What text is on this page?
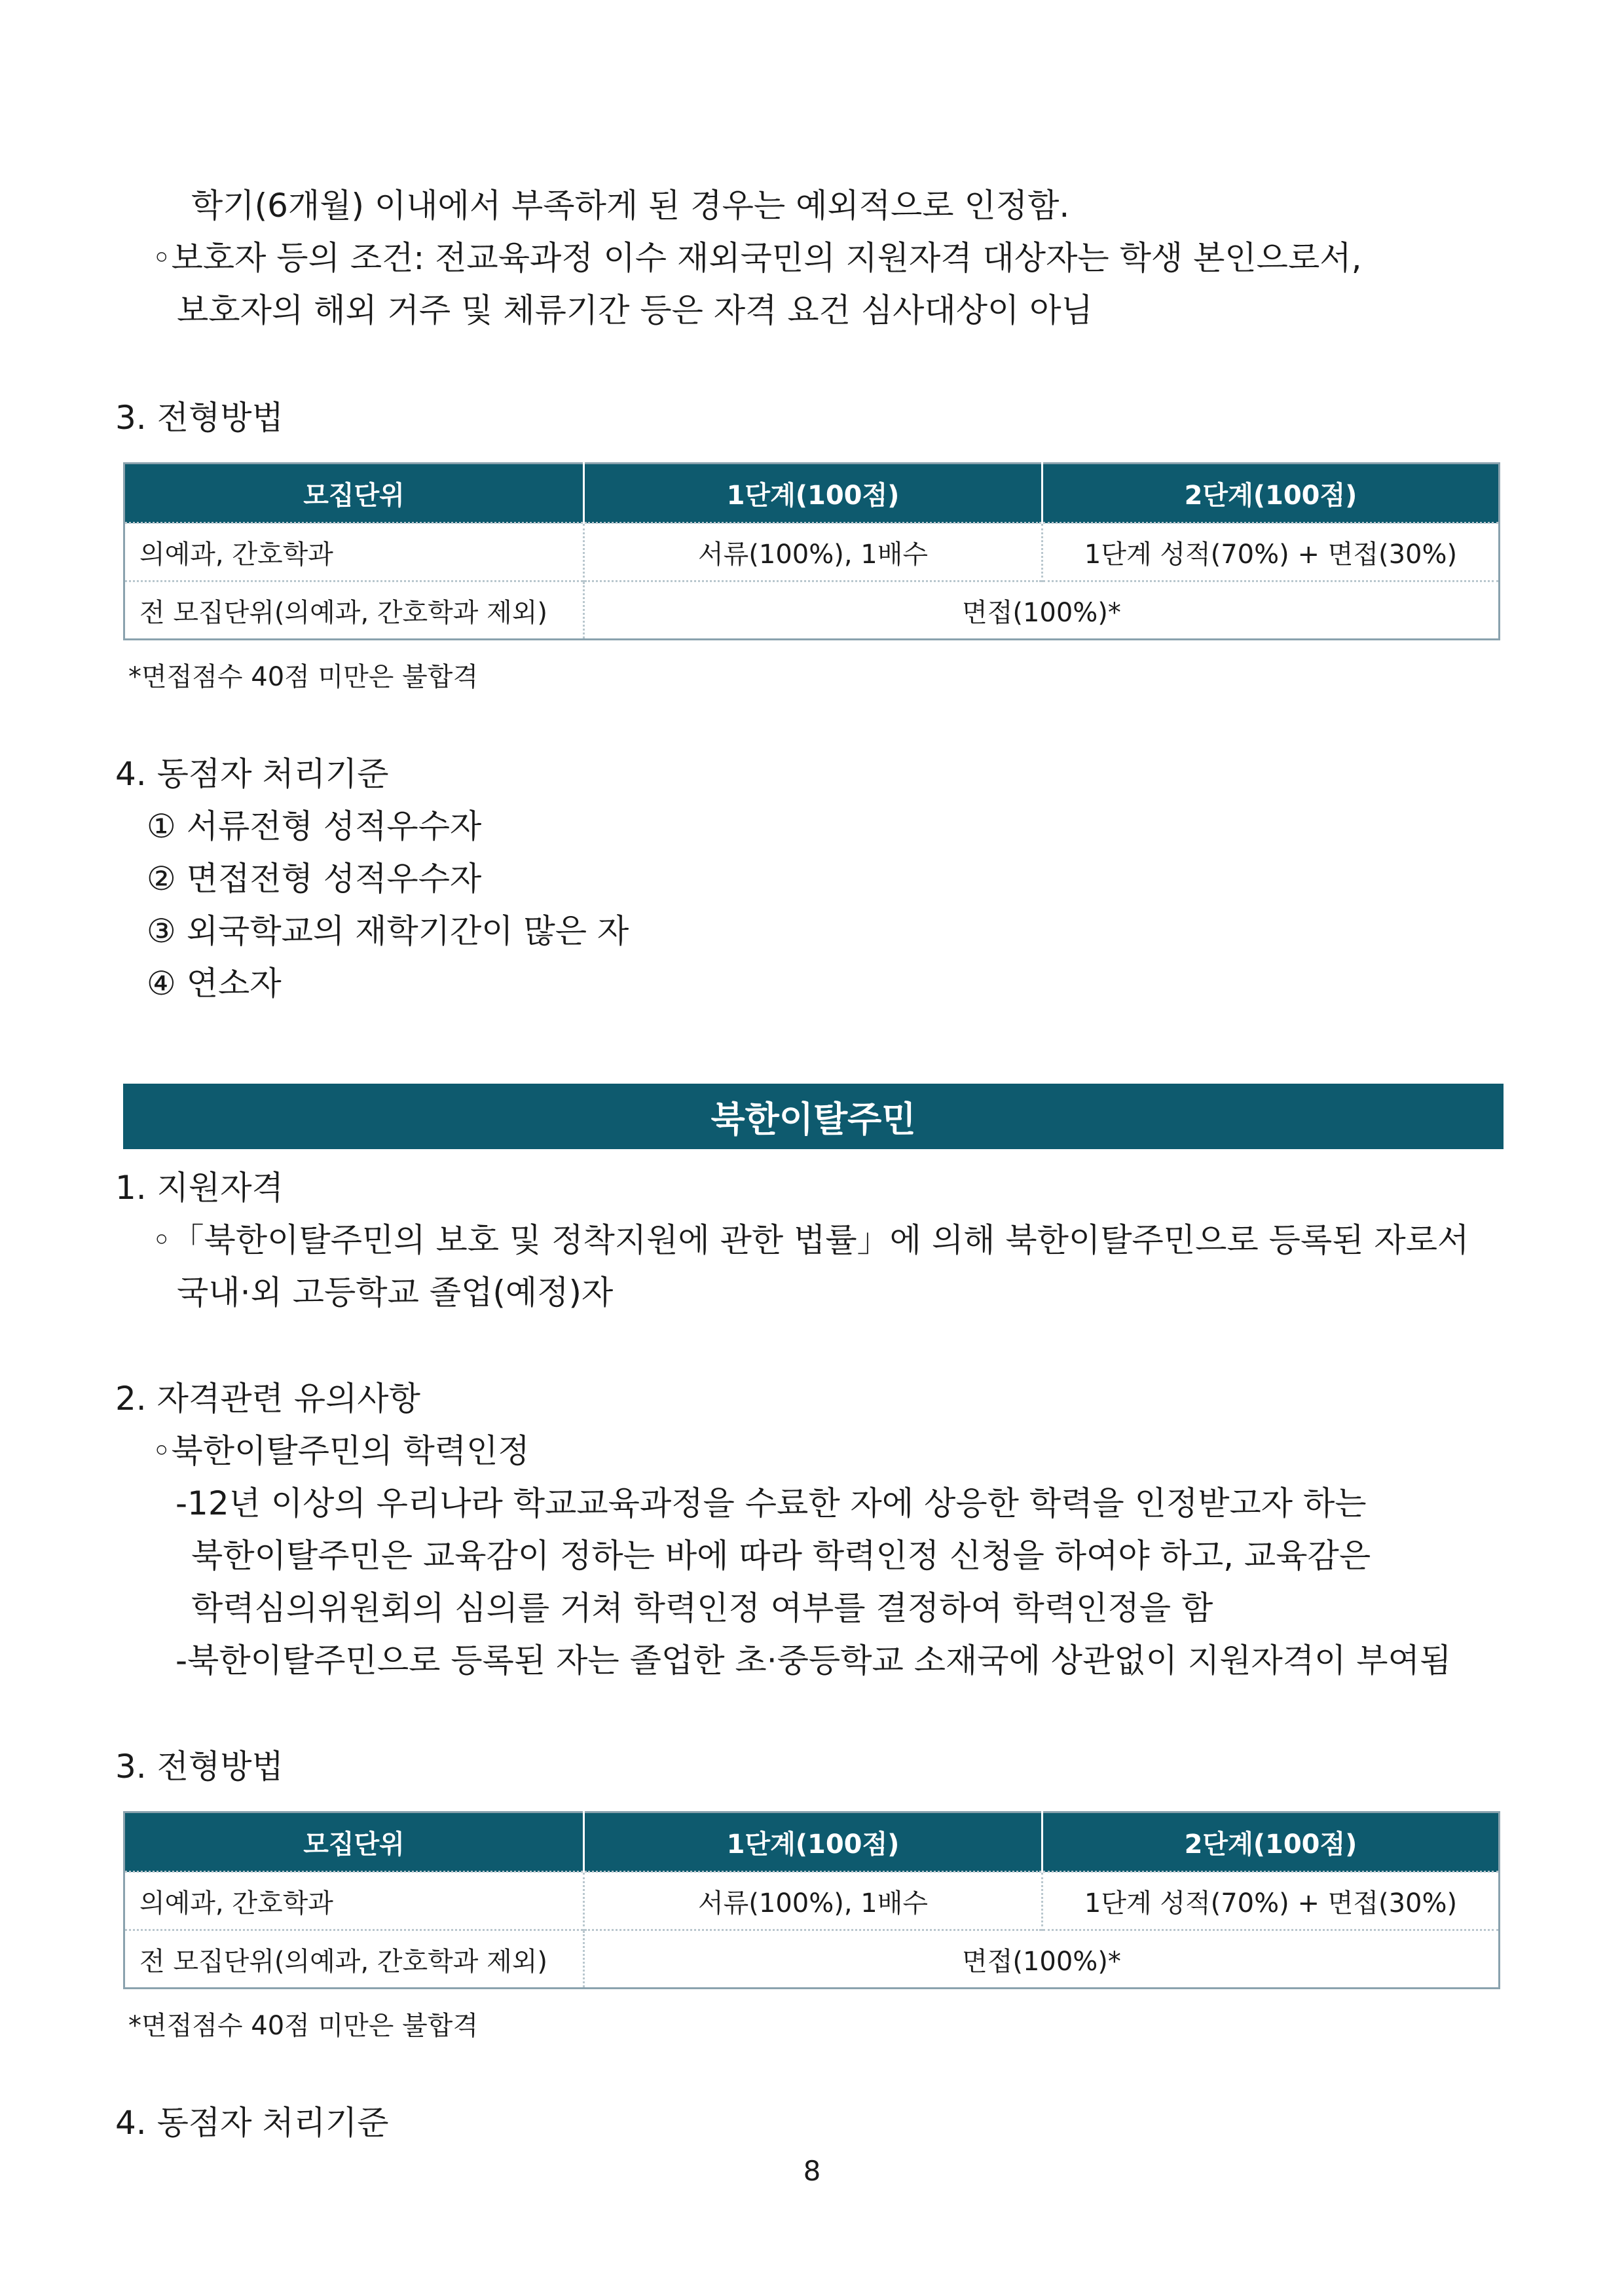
학기(6개월) 이내에서 부족하게 된 경우는 예외적으로 인정함.
◦보호자 등의 조건: 전교육과정 이수 재외국민의 지원자격 대상자는 학생 본인으로서,
보호자의 해외 거주 및 체류기간 등은 자격 요건 심사대상이 아님
3. 전형방법
모집단위	1단계(100점)	2단계(100점)
의예과, 간호학과	서류(100%), 1배수	1단계 성적(70%) + 면접(30%)
전 모집단위(의예과, 간호학과 제외)	면접(100%)*	
*면접점수 40점 미만은 불합격
4. 동점자 처리기준
① 서류전형 성적우수자
② 면접전형 성적우수자
③ 외국학교의 재학기간이 많은 자
④ 연소자
북한이탈주민
1. 지원자격
◦「북한이탈주민의 보호 및 정착지원에 관한 법률」에 의해 북한이탈주민으로 등록된 자로서
국내·외 고등학교 졸업(예정)자
2. 자격관련 유의사항
◦북한이탈주민의 학력인정
-12년 이상의 우리나라 학교교육과정을 수료한 자에 상응한 학력을 인정받고자 하는
북한이탈주민은 교육감이 정하는 바에 따라 학력인정 신청을 하여야 하고, 교육감은
학력심의위원회의 심의를 거쳐 학력인정 여부를 결정하여 학력인정을 함
-북한이탈주민으로 등록된 자는 졸업한 초·중등학교 소재국에 상관없이 지원자격이 부여됨
3. 전형방법
모집단위	1단계(100점)	2단계(100점)
의예과, 간호학과	서류(100%), 1배수	1단계 성적(70%) + 면접(30%)
전 모집단위(의예과, 간호학과 제외)	면접(100%)*	
*면접점수 40점 미만은 불합격
4. 동점자 처리기준
8
